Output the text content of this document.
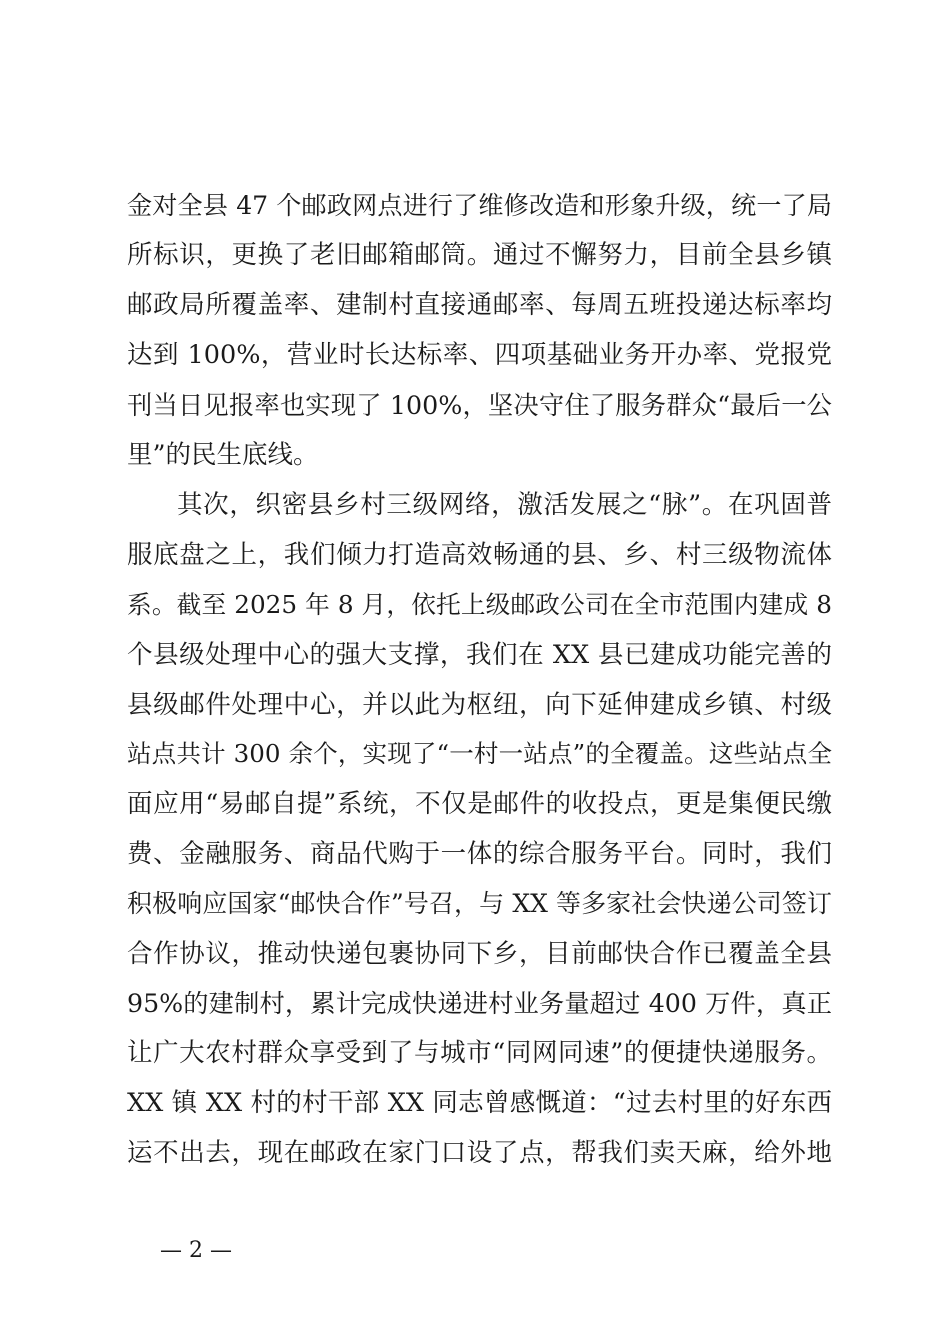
金对全县 47 个邮政网点进行了维修改造和形象升级，统一了局
所标识，更换了老旧邮箱邮筒。通过不懈努力，目前全县乡镇
邮政局所覆盖率、建制村直接通邮率、每周五班投递达标率均
达到 100%，营业时长达标率、四项基础业务开办率、党报党
刊当日见报率也实现了 100%，坚决守住了服务群众“最后一公
里”的民生底线。
其次，织密县乡村三级网络，激活发展之“脉”。在巩固普
服底盘之上，我们倾力打造高效畅通的县、乡、村三级物流体
系。截至 2025 年 8 月，依托上级邮政公司在全市范围内建成 8
个县级处理中心的强大支撑，我们在 XX 县已建成功能完善的
县级邮件处理中心，并以此为枢纽，向下延伸建成乡镇、村级
站点共计 300 余个，实现了“一村一站点”的全覆盖。这些站点全
面应用“易邮自提”系统，不仅是邮件的收投点，更是集便民缴
费、金融服务、商品代购于一体的综合服务平台。同时，我们
积极响应国家“邮快合作”号召，与 XX 等多家社会快递公司签订
合作协议，推动快递包裹协同下乡，目前邮快合作已覆盖全县
95%的建制村，累计完成快递进村业务量超过 400 万件，真正
让广大农村群众享受到了与城市“同网同速”的便捷快递服务。
XX 镇 XX 村的村干部 XX 同志曾感慨道：“过去村里的好东西
运不出去，现在邮政在家门口设了点，帮我们卖天麻，给外地
— 2 —
